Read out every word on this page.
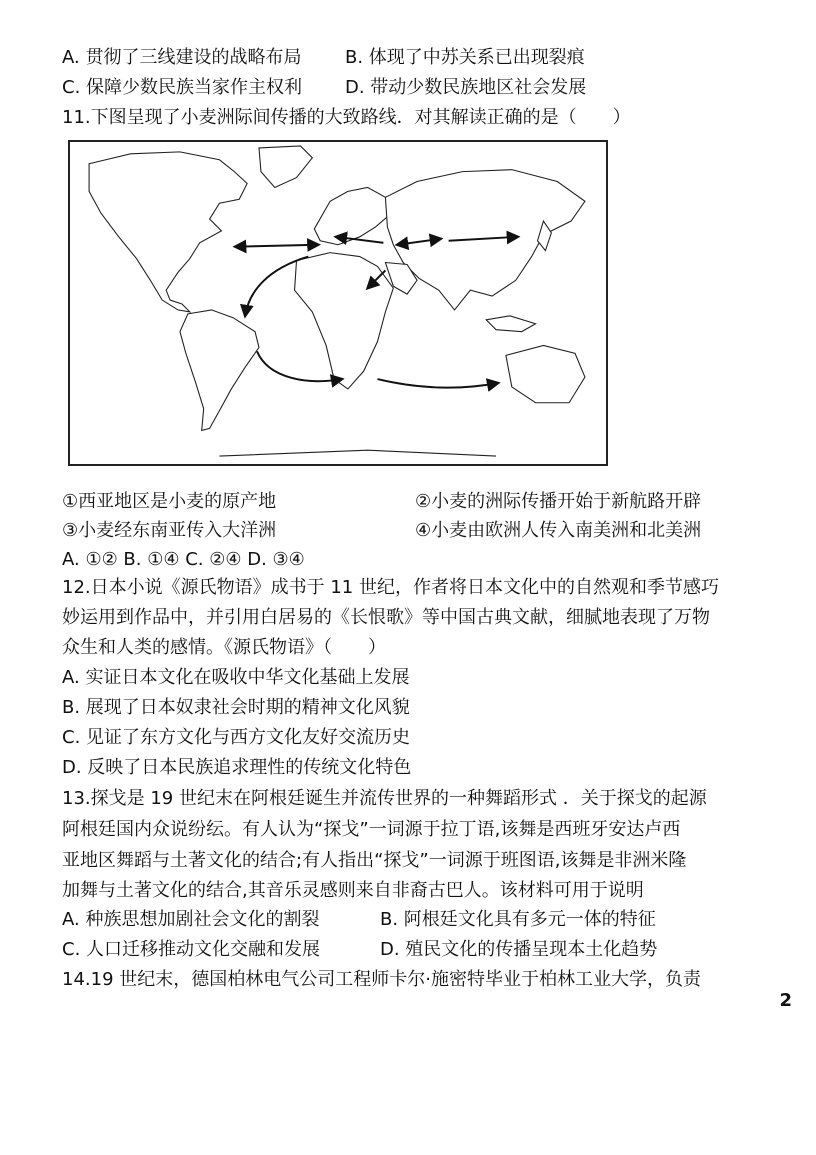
A. 贯彻了三线建设的战略布局 B. 体现了中苏关系已出现裂痕
C. 保障少数民族当家作主权利 D. 带动少数民族地区社会发展
11.下图呈现了小麦洲际间传播的大致路线．对其解读正确的是（　　）
①西亚地区是小麦的原产地	②小麦的洲际传播开始于新航路开辟
③小麦经东南亚传入大洋洲	④小麦由欧洲人传入南美洲和北美洲
A. ①② B. ①④ C. ②④ D. ③④
12.日本小说《源氏物语》成书于 11 世纪，作者将日本文化中的自然观和季节感巧
妙运用到作品中，并引用白居易的《长恨歌》等中国古典文献，细腻地表现了万物
众生和人类的感情。《源氏物语》（　　）
A. 实证日本文化在吸收中华文化基础上发展
B. 展现了日本奴隶社会时期的精神文化风貌
C. 见证了东方文化与西方文化友好交流历史
D. 反映了日本民族追求理性的传统文化特色
13.探戈是 19 世纪末在阿根廷诞生并流传世界的一种舞蹈形式 ．关于探戈的起源
阿根廷国内众说纷纭。有人认为“探戈”一词源于拉丁语,该舞是西班牙安达卢西
亚地区舞蹈与土著文化的结合;有人指出“探戈”一词源于班图语,该舞是非洲米隆
加舞与土著文化的结合,其音乐灵感则来自非裔古巴人。该材料可用于说明
A. 种族思想加剧社会文化的割裂	B. 阿根廷文化具有多元一体的特征
C. 人口迁移推动文化交融和发展	D. 殖民文化的传播呈现本土化趋势
14.19 世纪末，德国柏林电气公司工程师卡尔·施密特毕业于柏林工业大学，负责
2
